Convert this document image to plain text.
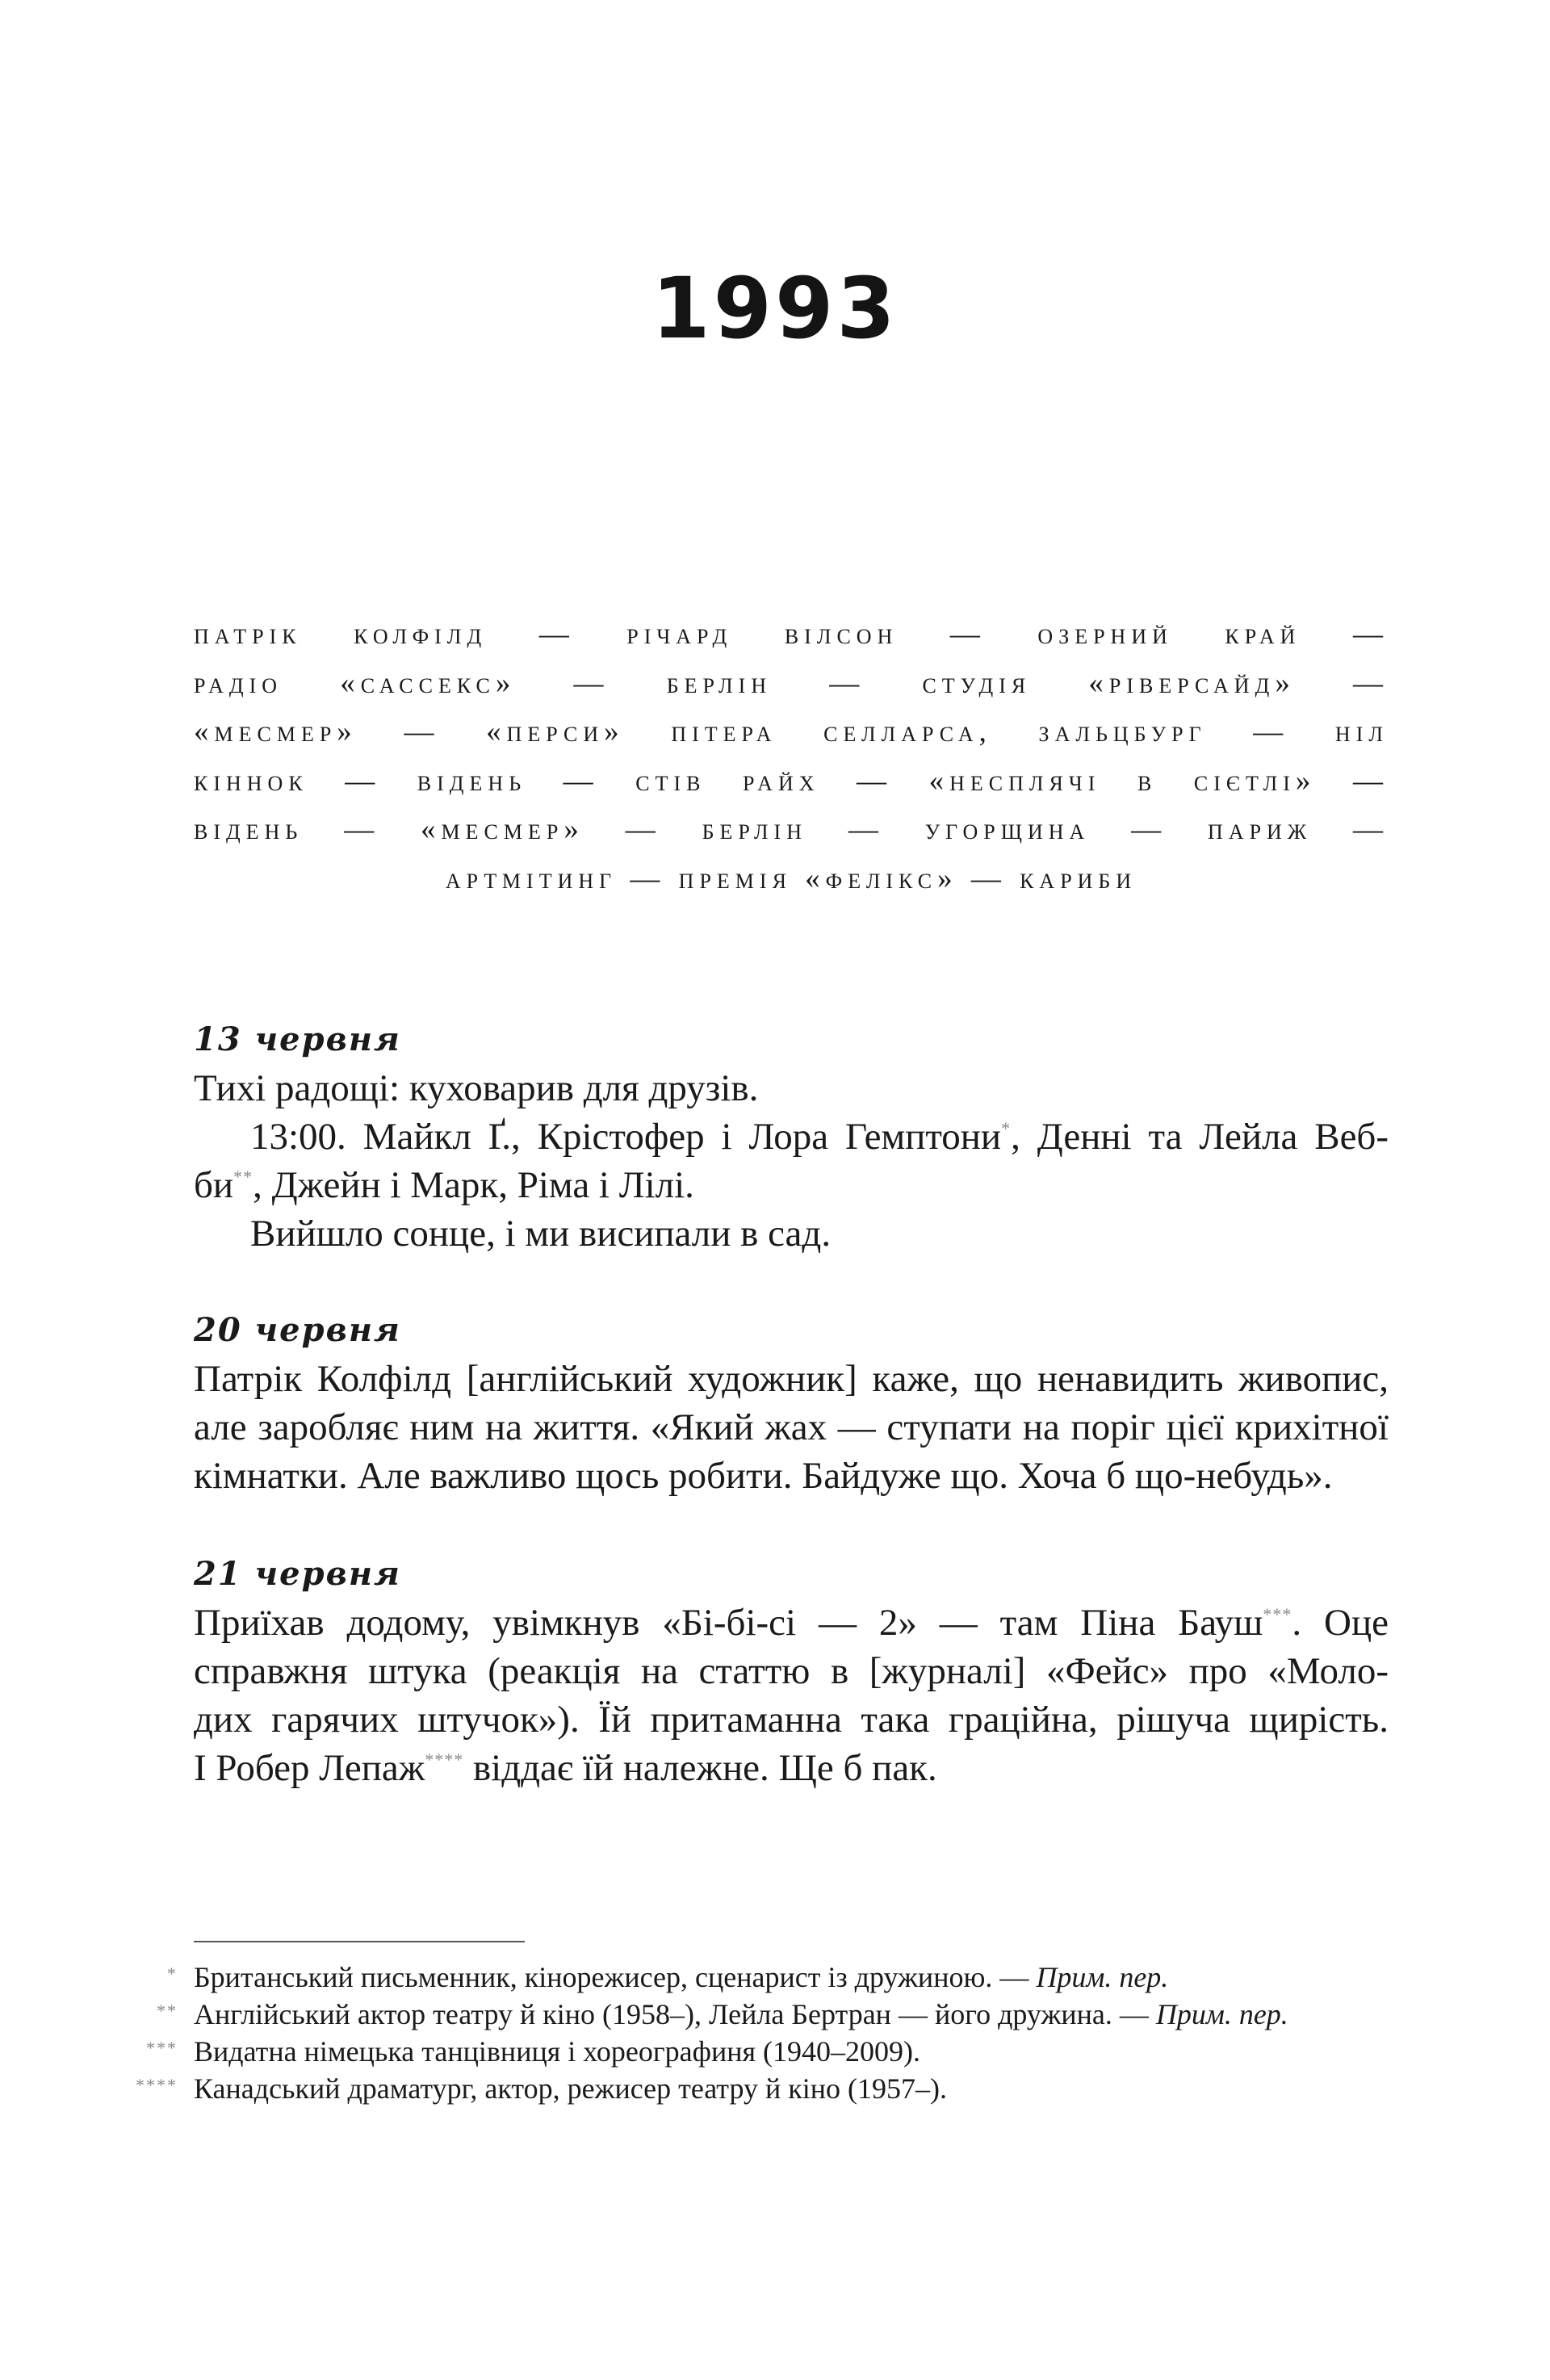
1993
патрік колфілд — річард вілсон — озерний край —
радіо «сассекс» — берлін — студія «ріверсайд» —
«месмер» — «перси» пітера селларса, зальцбург — ніл
кіннок — відень — стів райх — «несплячі в сієтлі» —
відень — «месмер» — берлін — угорщина — париж —
артмітинг — премія «фелікс» — кариби
13 червня
Тихі радощі: куховарив для друзів.
13:00. Майкл Ґ., Крістофер і Лора Гемптони*, Денні та Лейла Веб-
би**, Джейн і Марк, Ріма і Лілі.
Вийшло сонце, і ми висипали в сад.
20 червня
Патрік Колфілд [англійський художник] каже, що ненавидить живопис,
але заробляє ним на життя. «Який жах — ступати на поріг цієї крихітної
кімнатки. Але важливо щось робити. Байдуже що. Хоча б що-небудь».
21 червня
Приїхав додому, увімкнув «Бі-бі-сі — 2» — там Піна Бауш***. Оце
справжня штука (реакція на статтю в [журналі] «Фейс» про «Моло-
дих гарячих штучок»). Їй притаманна така граційна, рішуча щирість.
І Робер Лепаж**** віддає їй належне. Ще б пак.
* Британський письменник, кінорежисер, сценарист із дружиною. — Прим. пер.
** Англійський актор театру й кіно (1958–), Лейла Бертран — його дружина. — Прим. пер.
*** Видатна німецька танцівниця і хореографиня (1940–2009).
**** Канадський драматург, актор, режисер театру й кіно (1957–).
